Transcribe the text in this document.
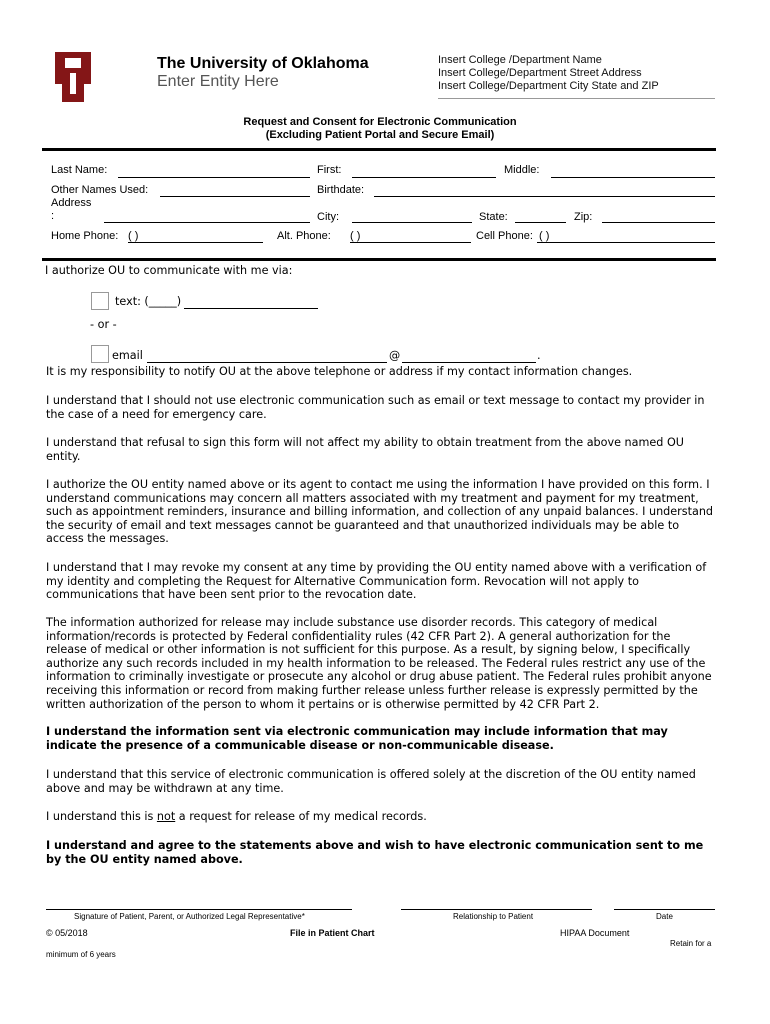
The University of Oklahoma
Enter Entity Here
Insert College /Department Name
Insert College/Department Street Address
Insert College/Department City State and ZIP
Request and Consent for Electronic Communication
(Excluding Patient Portal and Secure Email)
Last Name:	First:	Middle:
Other Names Used:	Birthdate:
Address
:	City:	State:	Zip:
Home Phone: ( )	Alt. Phone: ( )	Cell Phone: ( )
I authorize OU to communicate with me via:
text: (_____)
- or -
email	@	.
It is my responsibility to notify OU at the above telephone or address if my contact information changes.
I understand that I should not use electronic communication such as email or text message to contact my provider in the case of a need for emergency care.
I understand that refusal to sign this form will not affect my ability to obtain treatment from the above named OU entity.
I authorize the OU entity named above or its agent to contact me using the information I have provided on this form. I understand communications may concern all matters associated with my treatment and payment for my treatment, such as appointment reminders, insurance and billing information, and collection of any unpaid balances. I understand the security of email and text messages cannot be guaranteed and that unauthorized individuals may be able to access the messages.
I understand that I may revoke my consent at any time by providing the OU entity named above with a verification of my identity and completing the Request for Alternative Communication form. Revocation will not apply to communications that have been sent prior to the revocation date.
The information authorized for release may include substance use disorder records. This category of medical information/records is protected by Federal confidentiality rules (42 CFR Part 2). A general authorization for the release of medical or other information is not sufficient for this purpose. As a result, by signing below, I specifically authorize any such records included in my health information to be released. The Federal rules restrict any use of the information to criminally investigate or prosecute any alcohol or drug abuse patient. The Federal rules prohibit anyone receiving this information or record from making further release unless further release is expressly permitted by the written authorization of the person to whom it pertains or is otherwise permitted by 42 CFR Part 2.
I understand the information sent via electronic communication may include information that may indicate the presence of a communicable disease or non-communicable disease.
I understand that this service of electronic communication is offered solely at the discretion of the OU entity named above and may be withdrawn at any time.
I understand this is not a request for release of my medical records.
I understand and agree to the statements above and wish to have electronic communication sent to me by the OU entity named above.
Signature of Patient, Parent, or Authorized Legal Representative*	Relationship to Patient	Date
© 05/2018	File in Patient Chart	HIPAA Document
Retain for a
minimum of 6 years
